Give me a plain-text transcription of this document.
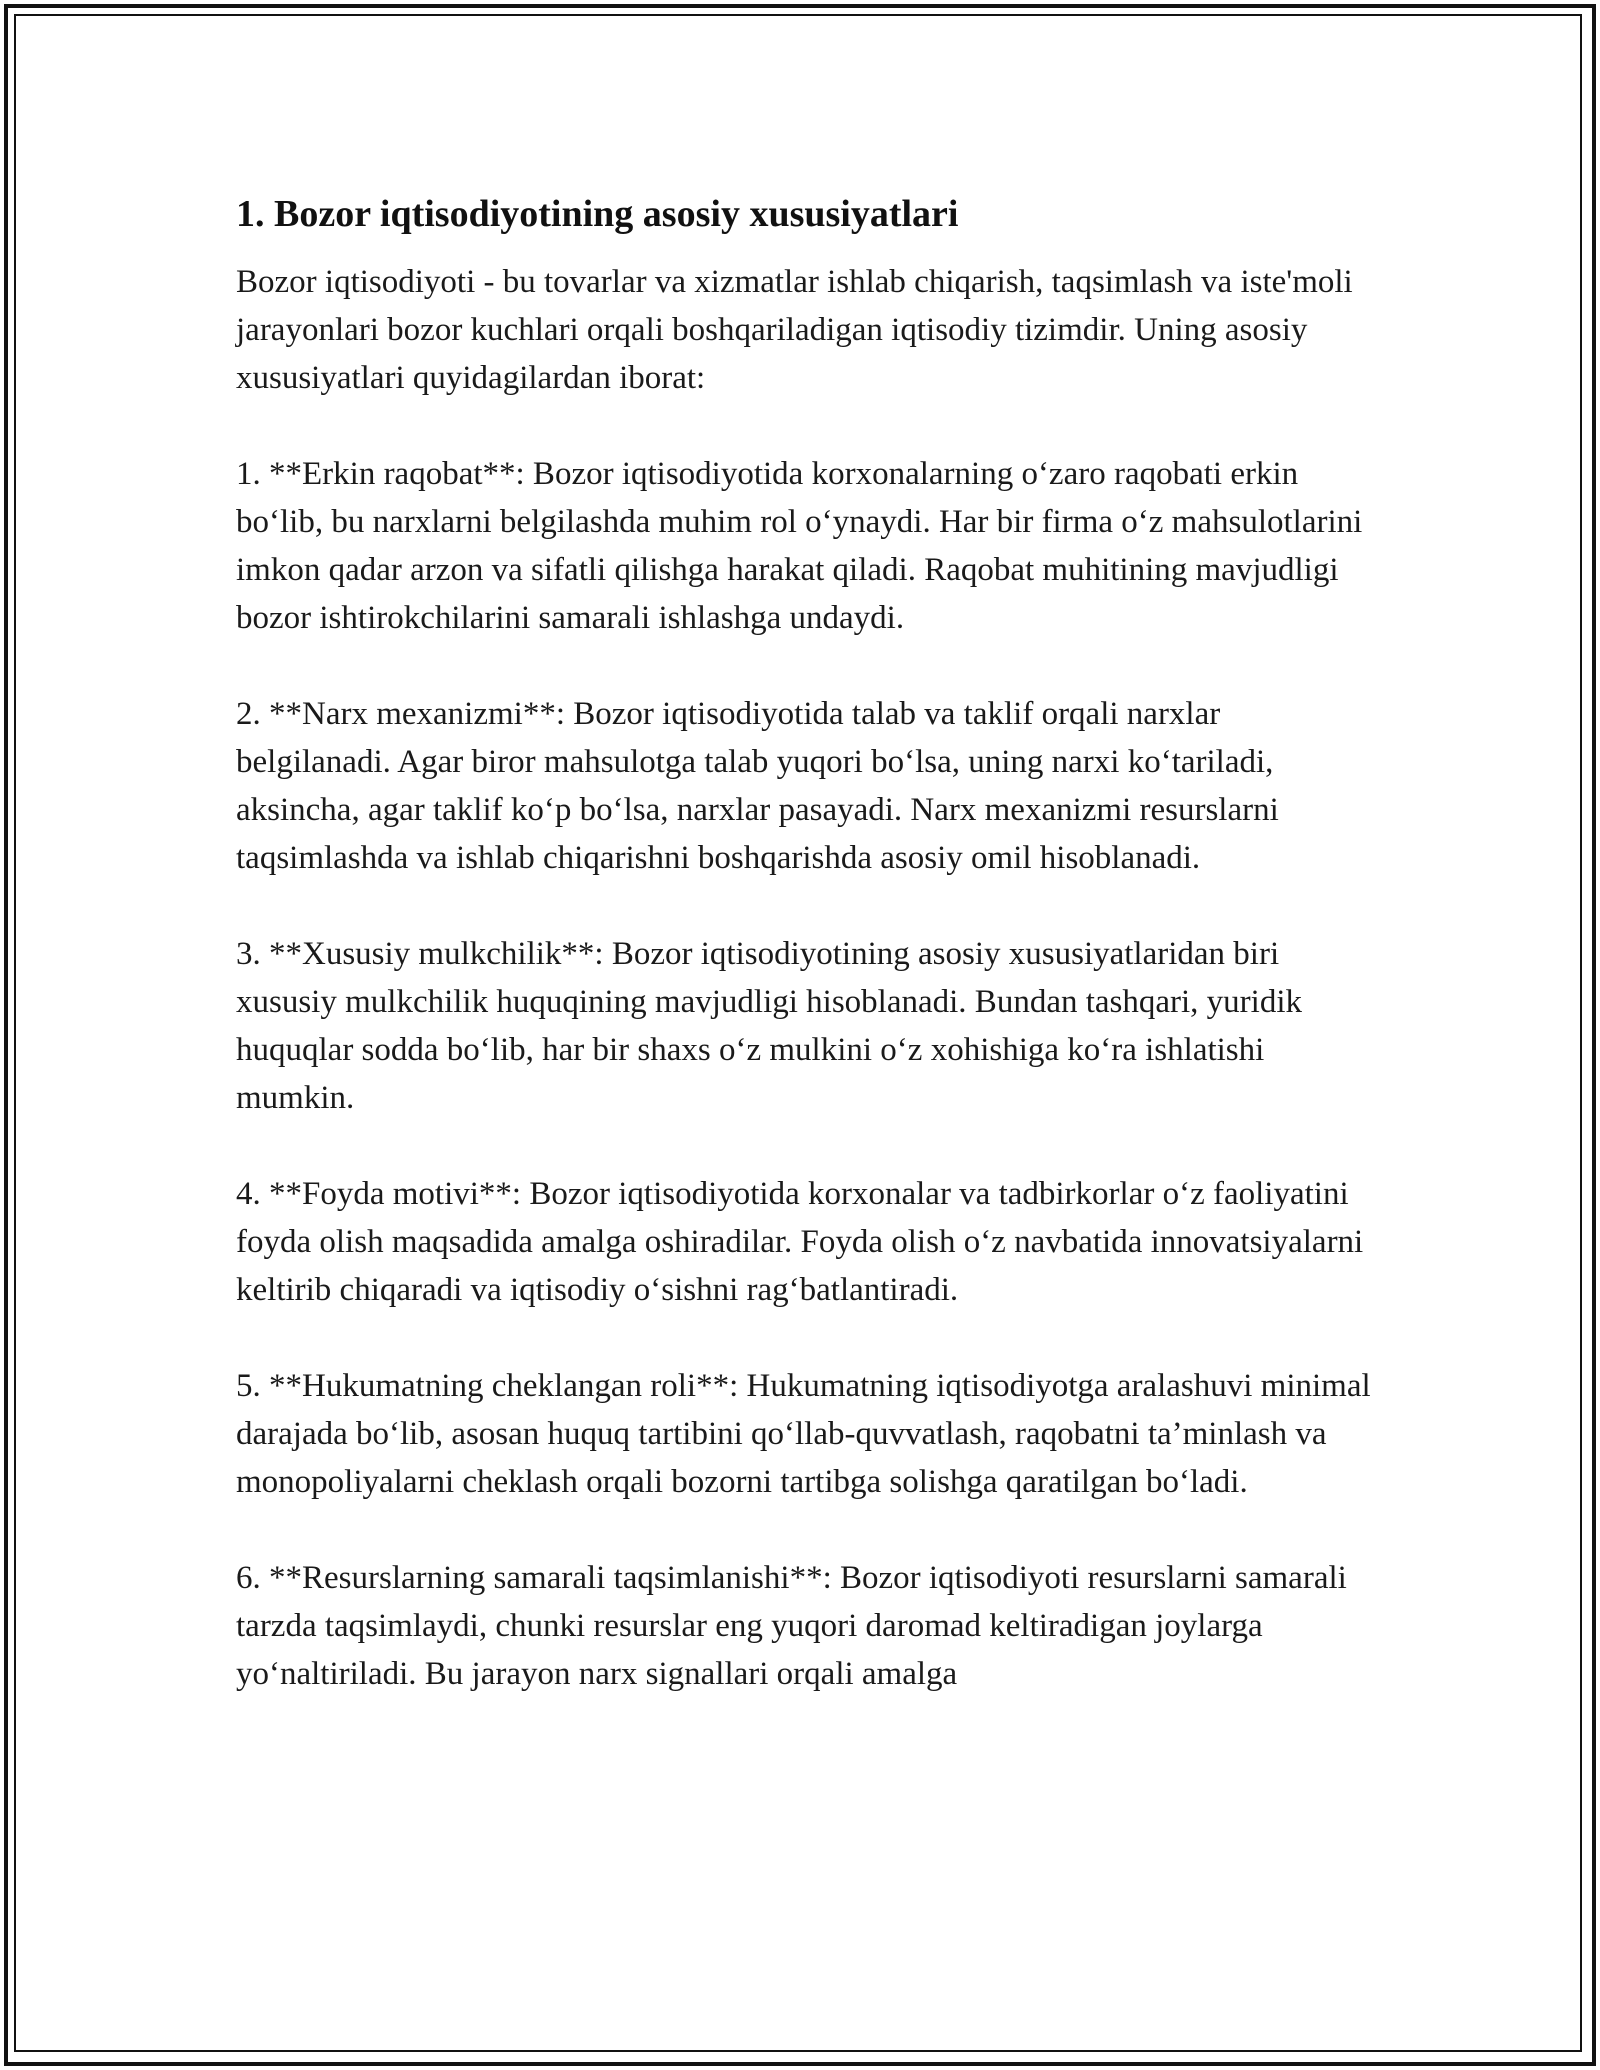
1. Bozor iqtisodiyotining asosiy xususiyatlari

Bozor iqtisodiyoti - bu tovarlar va xizmatlar ishlab chiqarish, taqsimlash va iste'moli jarayonlari bozor kuchlari orqali boshqariladigan iqtisodiy tizimdir. Uning asosiy xususiyatlari quyidagilardan iborat:

1. **Erkin raqobat**: Bozor iqtisodiyotida korxonalarning o‘zaro raqobati erkin bo‘lib, bu narxlarni belgilashda muhim rol o‘ynaydi. Har bir firma o‘z mahsulotlarini imkon qadar arzon va sifatli qilishga harakat qiladi. Raqobat muhitining mavjudligi bozor ishtirokchilarini samarali ishlashga undaydi.

2. **Narx mexanizmi**: Bozor iqtisodiyotida talab va taklif orqali narxlar belgilanadi. Agar biror mahsulotga talab yuqori bo‘lsa, uning narxi ko‘tariladi, aksincha, agar taklif ko‘p bo‘lsa, narxlar pasayadi. Narx mexanizmi resurslarni taqsimlashda va ishlab chiqarishni boshqarishda asosiy omil hisoblanadi.

3. **Xususiy mulkchilik**: Bozor iqtisodiyotining asosiy xususiyatlaridan biri xususiy mulkchilik huquqining mavjudligi hisoblanadi. Bundan tashqari, yuridik huquqlar sodda bo‘lib, har bir shaxs o‘z mulkini o‘z xohishiga ko‘ra ishlatishi mumkin.

4. **Foyda motivi**: Bozor iqtisodiyotida korxonalar va tadbirkorlar o‘z faoliyatini foyda olish maqsadida amalga oshiradilar. Foyda olish o‘z navbatida innovatsiyalarni keltirib chiqaradi va iqtisodiy o‘sishni rag‘batlantiradi.

5. **Hukumatning cheklangan roli**: Hukumatning iqtisodiyotga aralashuvi minimal darajada bo‘lib, asosan huquq tartibini qo‘llab-quvvatlash, raqobatni ta’minlash va monopoliyalarni cheklash orqali bozorni tartibga solishga qaratilgan bo‘ladi.

6. **Resurslarning samarali taqsimlanishi**: Bozor iqtisodiyoti resurslarni samarali tarzda taqsimlaydi, chunki resurslar eng yuqori daromad keltiradigan joylarga yo‘naltiriladi. Bu jarayon narx signallari orqali amalga
